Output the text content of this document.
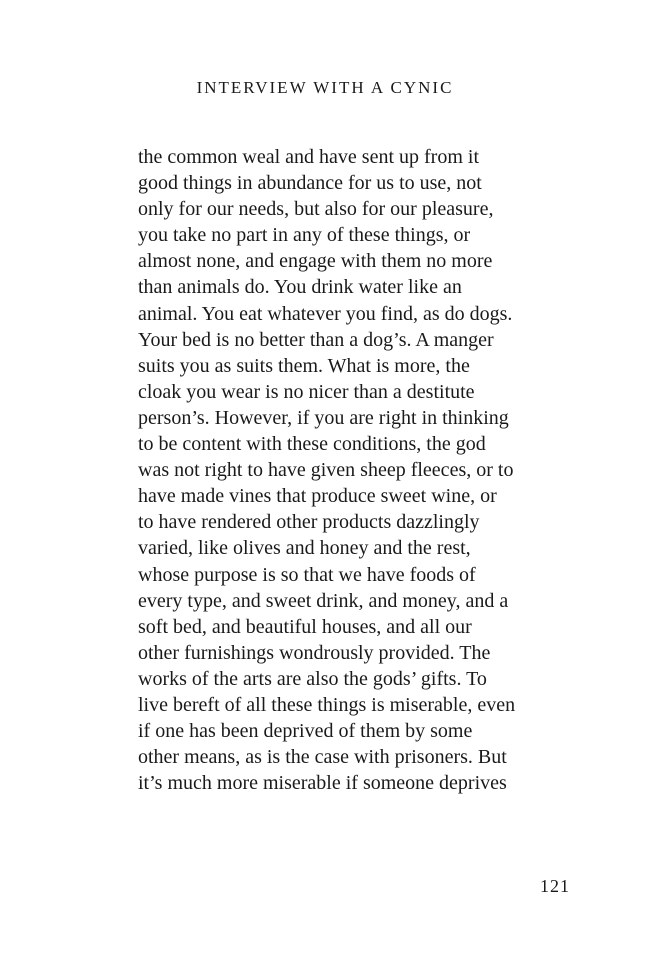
INTERVIEW WITH A CYNIC

the common weal and have sent up from it
good things in abundance for us to use, not
only for our needs, but also for our pleasure,
you take no part in any of these things, or
almost none, and engage with them no more
than animals do. You drink water like an
animal. You eat whatever you find, as do dogs.
Your bed is no better than a dog’s. A manger
suits you as suits them. What is more, the
cloak you wear is no nicer than a destitute
person’s. However, if you are right in thinking
to be content with these conditions, the god
was not right to have given sheep fleeces, or to
have made vines that produce sweet wine, or
to have rendered other products dazzlingly
varied, like olives and honey and the rest,
whose purpose is so that we have foods of
every type, and sweet drink, and money, and a
soft bed, and beautiful houses, and all our
other furnishings wondrously provided. The
works of the arts are also the gods’ gifts. To
live bereft of all these things is miserable, even
if one has been deprived of them by some
other means, as is the case with prisoners. But
it’s much more miserable if someone deprives

121
